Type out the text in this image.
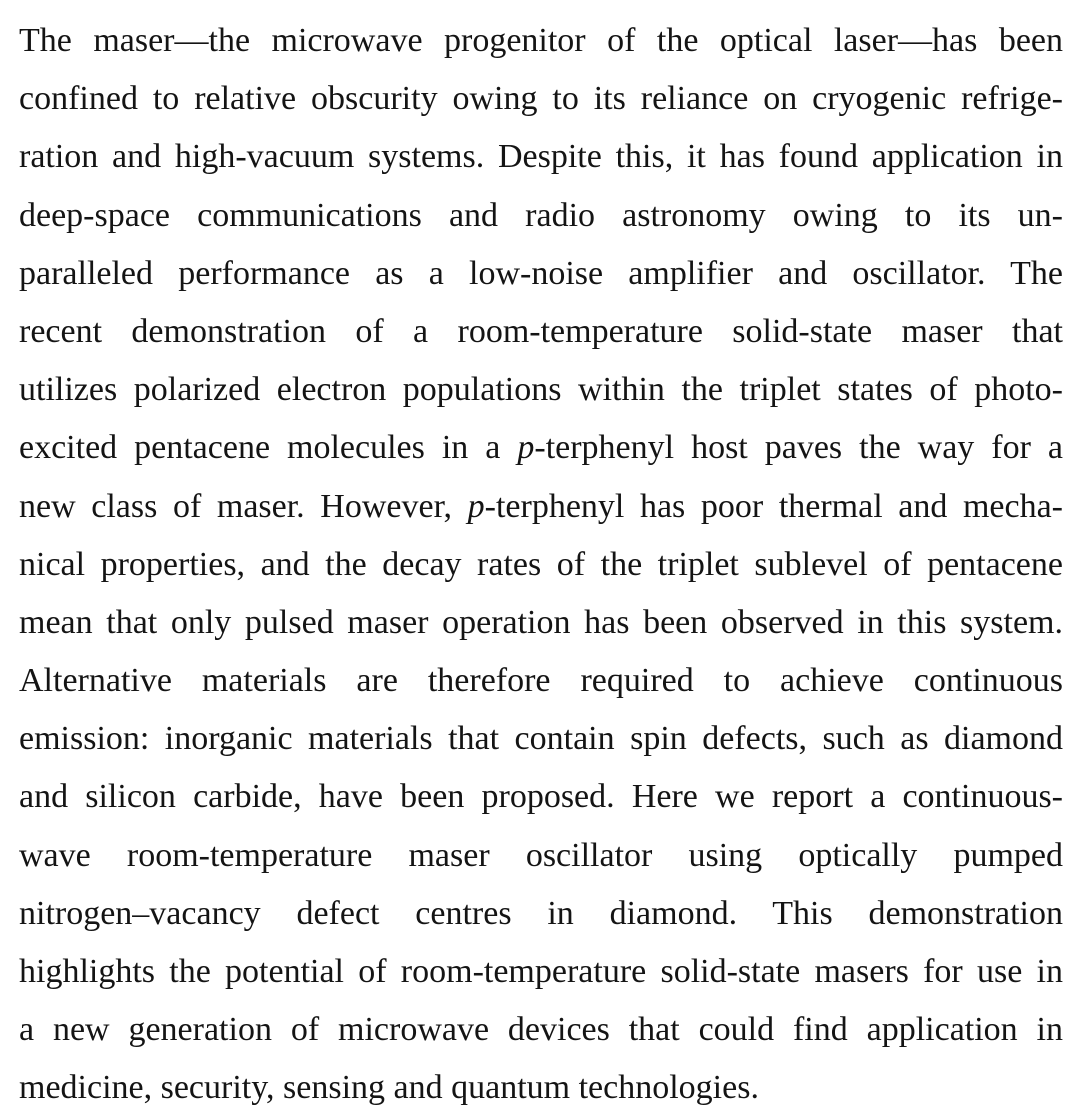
The maser—the microwave progenitor of the optical laser—has been
confined to relative obscurity owing to its reliance on cryogenic refrige-
ration and high-vacuum systems. Despite this, it has found application in
deep-space communications and radio astronomy owing to its un-
paralleled performance as a low-noise amplifier and oscillator. The
recent demonstration of a room-temperature solid-state maser that
utilizes polarized electron populations within the triplet states of photo-
excited pentacene molecules in a p-terphenyl host paves the way for a
new class of maser. However, p-terphenyl has poor thermal and mecha-
nical properties, and the decay rates of the triplet sublevel of pentacene
mean that only pulsed maser operation has been observed in this system.
Alternative materials are therefore required to achieve continuous
emission: inorganic materials that contain spin defects, such as diamond
and silicon carbide, have been proposed. Here we report a continuous-
wave room-temperature maser oscillator using optically pumped
nitrogen–vacancy defect centres in diamond. This demonstration
highlights the potential of room-temperature solid-state masers for use in
a new generation of microwave devices that could find application in
medicine, security, sensing and quantum technologies.
